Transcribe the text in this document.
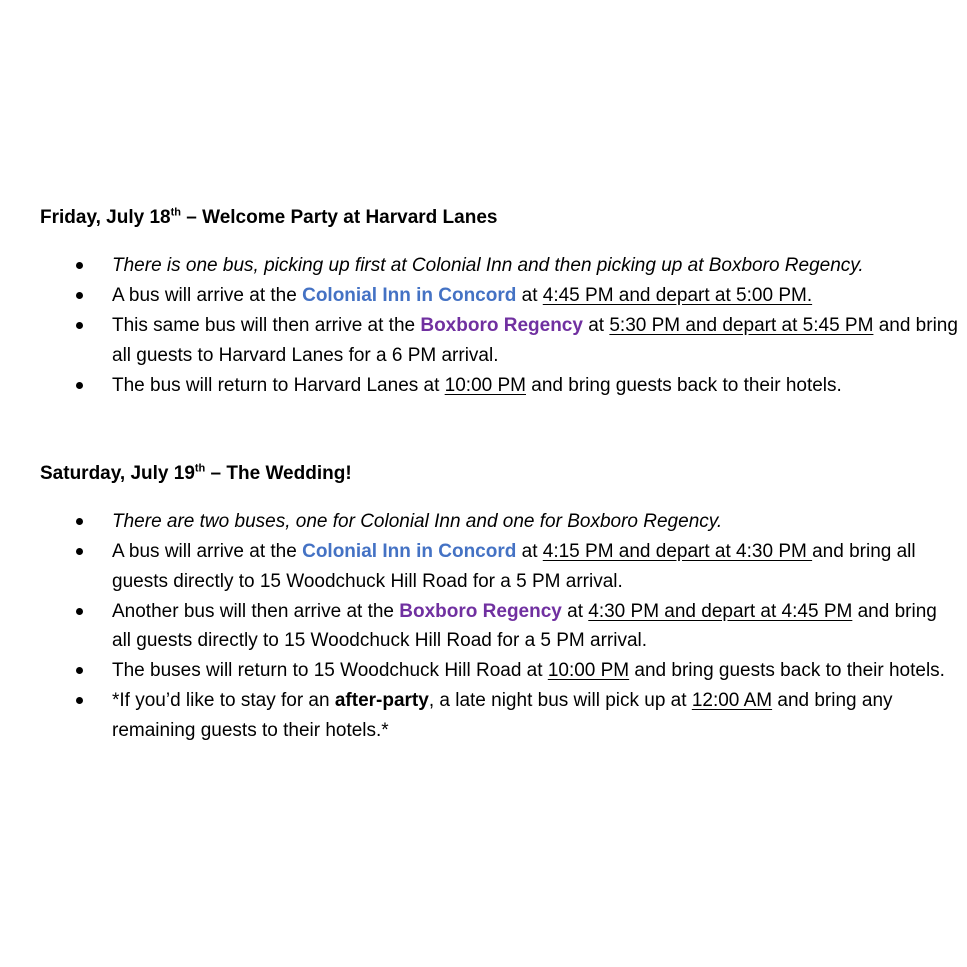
Friday, July 18th – Welcome Party at Harvard Lanes
There is one bus, picking up first at Colonial Inn and then picking up at Boxboro Regency.
A bus will arrive at the Colonial Inn in Concord at 4:45 PM and depart at 5:00 PM.
This same bus will then arrive at the Boxboro Regency at 5:30 PM and depart at 5:45 PM and bring all guests to Harvard Lanes for a 6 PM arrival.
The bus will return to Harvard Lanes at 10:00 PM and bring guests back to their hotels.
Saturday, July 19th – The Wedding!
There are two buses, one for Colonial Inn and one for Boxboro Regency.
A bus will arrive at the Colonial Inn in Concord at 4:15 PM and depart at 4:30 PM and bring all guests directly to 15 Woodchuck Hill Road for a 5 PM arrival.
Another bus will then arrive at the Boxboro Regency at 4:30 PM and depart at 4:45 PM and bring all guests directly to 15 Woodchuck Hill Road for a 5 PM arrival.
The buses will return to 15 Woodchuck Hill Road at 10:00 PM and bring guests back to their hotels.
*If you’d like to stay for an after-party, a late night bus will pick up at 12:00 AM and bring any remaining guests to their hotels.*
